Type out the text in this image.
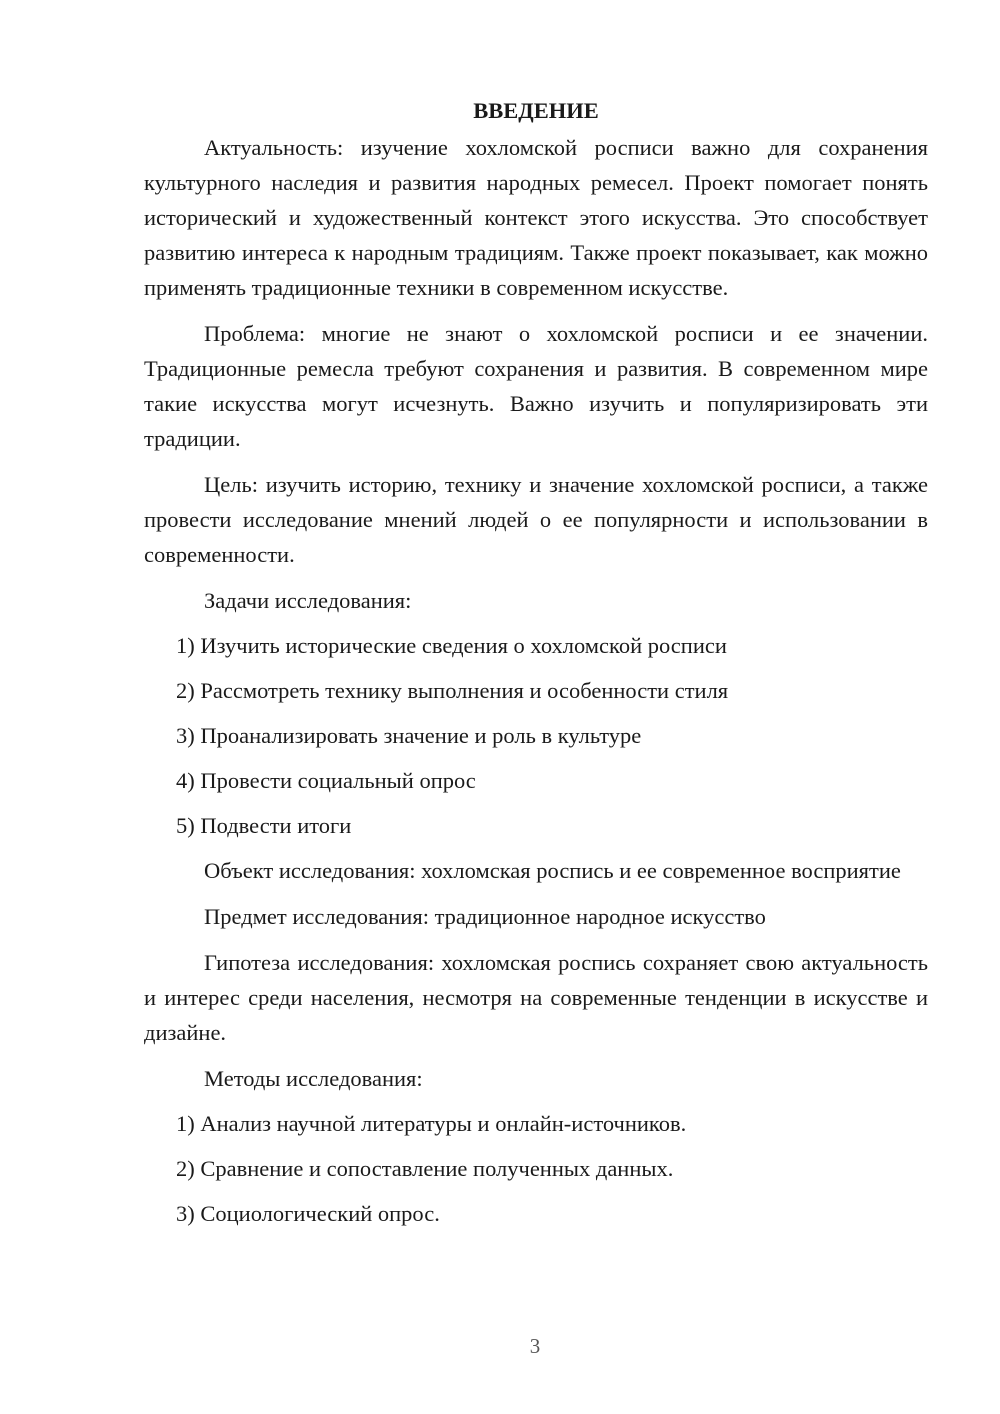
ВВЕДЕНИЕ

Актуальность: изучение хохломской росписи важно для сохранения культурного наследия и развития народных ремесел. Проект помогает понять исторический и художественный контекст этого искусства. Это способствует развитию интереса к народным традициям. Также проект показывает, как можно применять традиционные техники в современном искусстве.

Проблема: многие не знают о хохломской росписи и ее значении. Традиционные ремесла требуют сохранения и развития. В современном мире такие искусства могут исчезнуть. Важно изучить и популяризировать эти традиции.

Цель: изучить историю, технику и значение хохломской росписи, а также провести исследование мнений людей о ее популярности и использовании в современности.

Задачи исследования:

1) Изучить исторические сведения о хохломской росписи
2) Рассмотреть технику выполнения и особенности стиля
3) Проанализировать значение и роль в культуре
4) Провести социальный опрос
5) Подвести итоги

Объект исследования: хохломская роспись и ее современное восприятие

Предмет исследования: традиционное народное искусство

Гипотеза исследования: хохломская роспись сохраняет свою актуальность и интерес среди населения, несмотря на современные тенденции в искусстве и дизайне.

Методы исследования:

1) Анализ научной литературы и онлайн-источников.
2) Сравнение и сопоставление полученных данных.
3) Социологический опрос.
3
